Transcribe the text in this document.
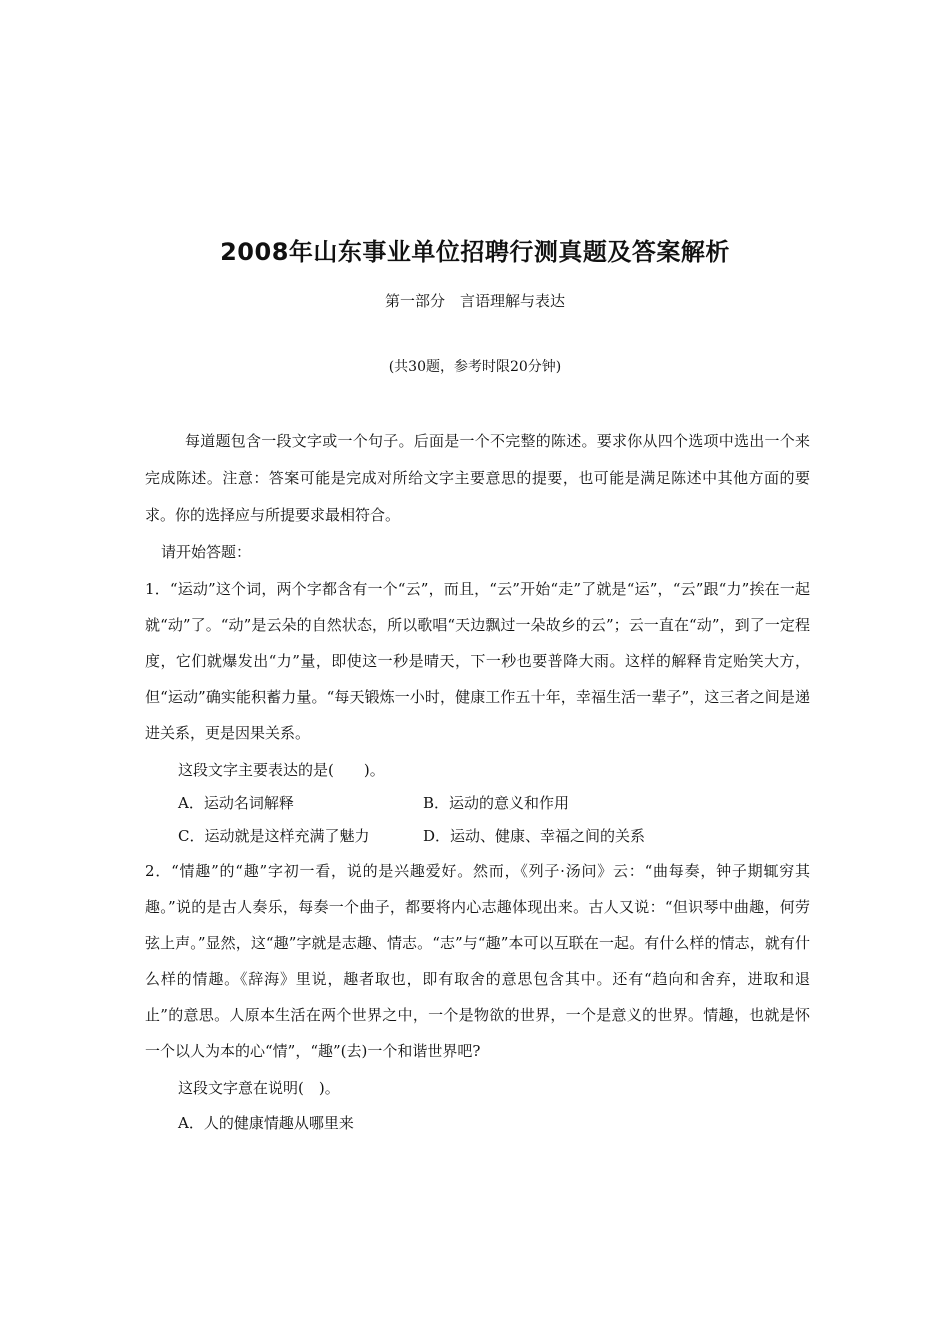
2008年山东事业单位招聘行测真题及答案解析
第一部分　言语理解与表达
(共30题，参考时限20分钟)

每道题包含一段文字或一个句子。后面是一个不完整的陈述。要求你从四个选项中选出一个来完成陈述。注意：答案可能是完成对所给文字主要意思的提要，也可能是满足陈述中其他方面的要求。你的选择应与所提要求最相符合。

请开始答题：

1．“运动”这个词，两个字都含有一个“云”，而且，“云”开始“走”了就是“运”，“云”跟“力”挨在一起就“动”了。“动”是云朵的自然状态，所以歌唱“天边飘过一朵故乡的云”；云一直在“动”，到了一定程度，它们就爆发出“力”量，即使这一秒是晴天，下一秒也要普降大雨。这样的解释肯定贻笑大方，但“运动”确实能积蓄力量。“每天锻炼一小时，健康工作五十年，幸福生活一辈子”，这三者之间是递进关系，更是因果关系。

这段文字主要表达的是(　　)。

A．运动名词解释	B．运动的意义和作用
C．运动就是这样充满了魅力	D．运动、健康、幸福之间的关系

2．“情趣”的“趣”字初一看，说的是兴趣爱好。然而，《列子·汤问》云：“曲每奏，钟子期辄穷其趣。”说的是古人奏乐，每奏一个曲子，都要将内心志趣体现出来。古人又说：“但识琴中曲趣，何劳弦上声。”显然，这“趣”字就是志趣、情志。“志”与“趣”本可以互联在一起。有什么样的情志，就有什么样的情趣。《辞海》里说，趣者取也，即有取舍的意思包含其中。还有“趋向和舍弃，进取和退止”的意思。人原本生活在两个世界之中，一个是物欲的世界，一个是意义的世界。情趣，也就是怀一个以人为本的心“情”，“趣”(去)一个和谐世界吧?

这段文字意在说明(　)。

A．人的健康情趣从哪里来
